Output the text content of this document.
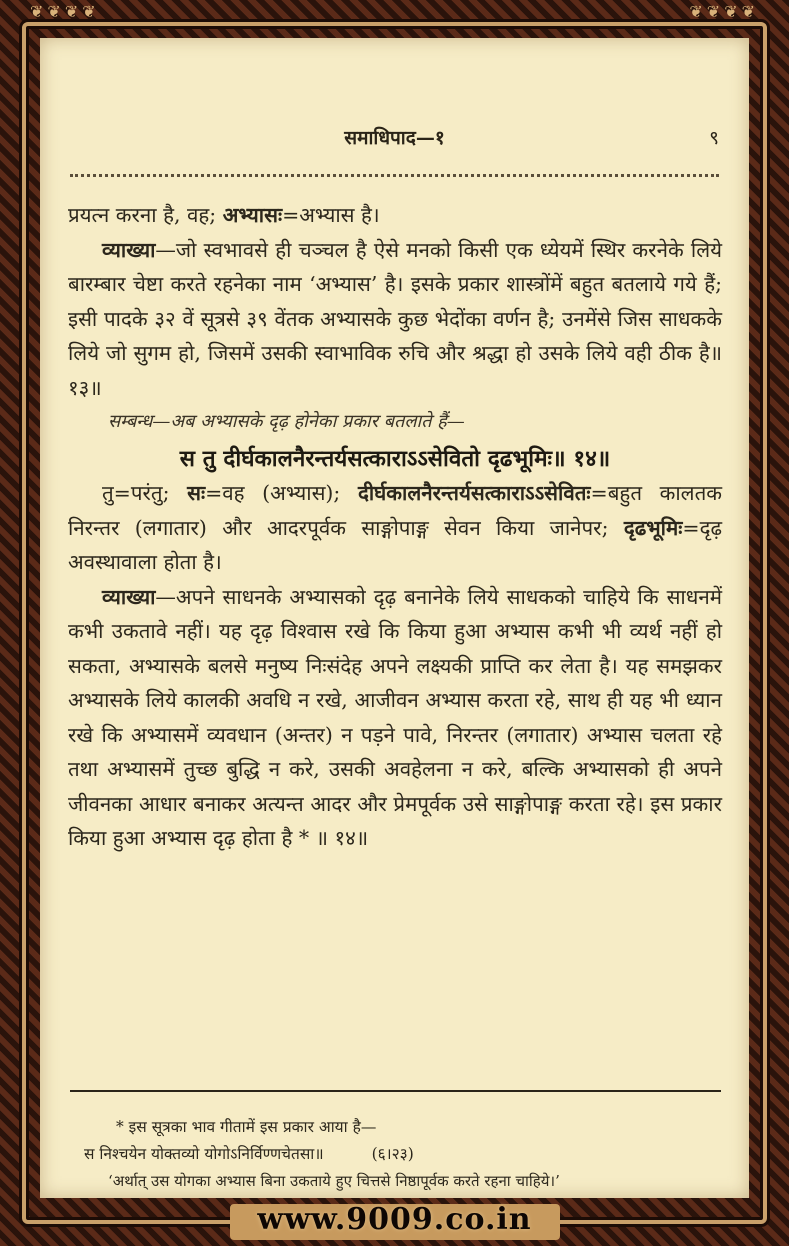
❦❦❦❦	❦❦❦❦
समाधिपाद—१	९

प्रयत्न करना है, वह; अभ्यासः=अभ्यास है।

व्याख्या—जो स्वभावसे ही चञ्चल है ऐसे मनको किसी एक ध्येयमें स्थिर करनेके लिये बारम्बार चेष्टा करते रहनेका नाम ‘अभ्यास’ है। इसके प्रकार शास्त्रोंमें बहुत बतलाये गये हैं; इसी पादके ३२ वें सूत्रसे ३९ वेंतक अभ्यासके कुछ भेदोंका वर्णन है; उनमेंसे जिस साधकके लिये जो सुगम हो, जिसमें उसकी स्वाभाविक रुचि और श्रद्धा हो उसके लिये वही ठीक है॥ १३॥

सम्बन्ध—अब अभ्यासके दृढ़ होनेका प्रकार बतलाते हैं—

स तु दीर्घकालनैरन्तर्यसत्काराऽऽसेवितो दृढभूमिः॥ १४॥

तु=परंतु; सः=वह (अभ्यास); दीर्घकालनैरन्तर्यसत्काराऽऽसेवितः=बहुत कालतक निरन्तर (लगातार) और आदरपूर्वक साङ्गोपाङ्ग सेवन किया जानेपर; दृढभूमिः=दृढ़ अवस्थावाला होता है।

व्याख्या—अपने साधनके अभ्यासको दृढ़ बनानेके लिये साधकको चाहिये कि साधनमें कभी उकतावे नहीं। यह दृढ़ विश्वास रखे कि किया हुआ अभ्यास कभी भी व्यर्थ नहीं हो सकता, अभ्यासके बलसे मनुष्य निःसंदेह अपने लक्ष्यकी प्राप्ति कर लेता है। यह समझकर अभ्यासके लिये कालकी अवधि न रखे, आजीवन अभ्यास करता रहे, साथ ही यह भी ध्यान रखे कि अभ्यासमें व्यवधान (अन्तर) न पड़ने पावे, निरन्तर (लगातार) अभ्यास चलता रहे तथा अभ्यासमें तुच्छ बुद्धि न करे, उसकी अवहेलना न करे, बल्कि अभ्यासको ही अपने जीवनका आधार बनाकर अत्यन्त आदर और प्रेमपूर्वक उसे साङ्गोपाङ्ग करता रहे। इस प्रकार किया हुआ अभ्यास दृढ़ होता है * ॥ १४॥

* इस सूत्रका भाव गीतामें इस प्रकार आया है—

स निश्चयेन योक्तव्यो योगोऽनिर्विण्णचेतसा॥	(६।२३)

‘अर्थात् उस योगका अभ्यास बिना उकताये हुए चित्तसे निष्ठापूर्वक करते रहना चाहिये।’

www.9009.co.in
